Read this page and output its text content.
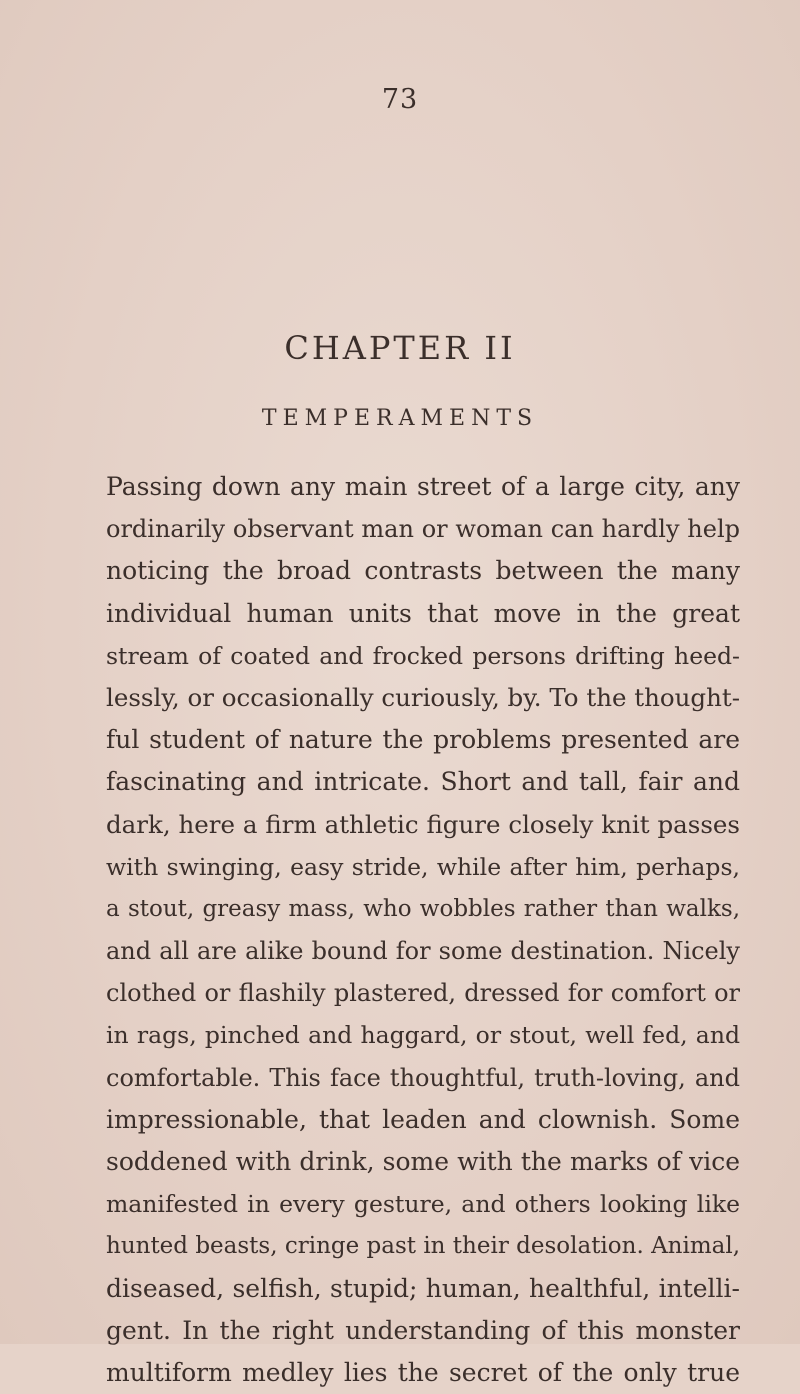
73
CHAPTER II
TEMPERAMENTS
Passing down any main street of a large city, any
ordinarily observant man or woman can hardly help
noticing the broad contrasts between the many
individual human units that move in the great
stream of coated and frocked persons drifting heed-
lessly, or occasionally curiously, by. To the thought-
ful student of nature the problems presented are
fascinating and intricate. Short and tall, fair and
dark, here a firm athletic figure closely knit passes
with swinging, easy stride, while after him, perhaps,
a stout, greasy mass, who wobbles rather than walks,
and all are alike bound for some destination. Nicely
clothed or flashily plastered, dressed for comfort or
in rags, pinched and haggard, or stout, well fed, and
comfortable. This face thoughtful, truth-loving, and
impressionable, that leaden and clownish. Some
soddened with drink, some with the marks of vice
manifested in every gesture, and others looking like
hunted beasts, cringe past in their desolation. Animal,
diseased, selfish, stupid; human, healthful, intelli-
gent. In the right understanding of this monster
multiform medley lies the secret of the only true
